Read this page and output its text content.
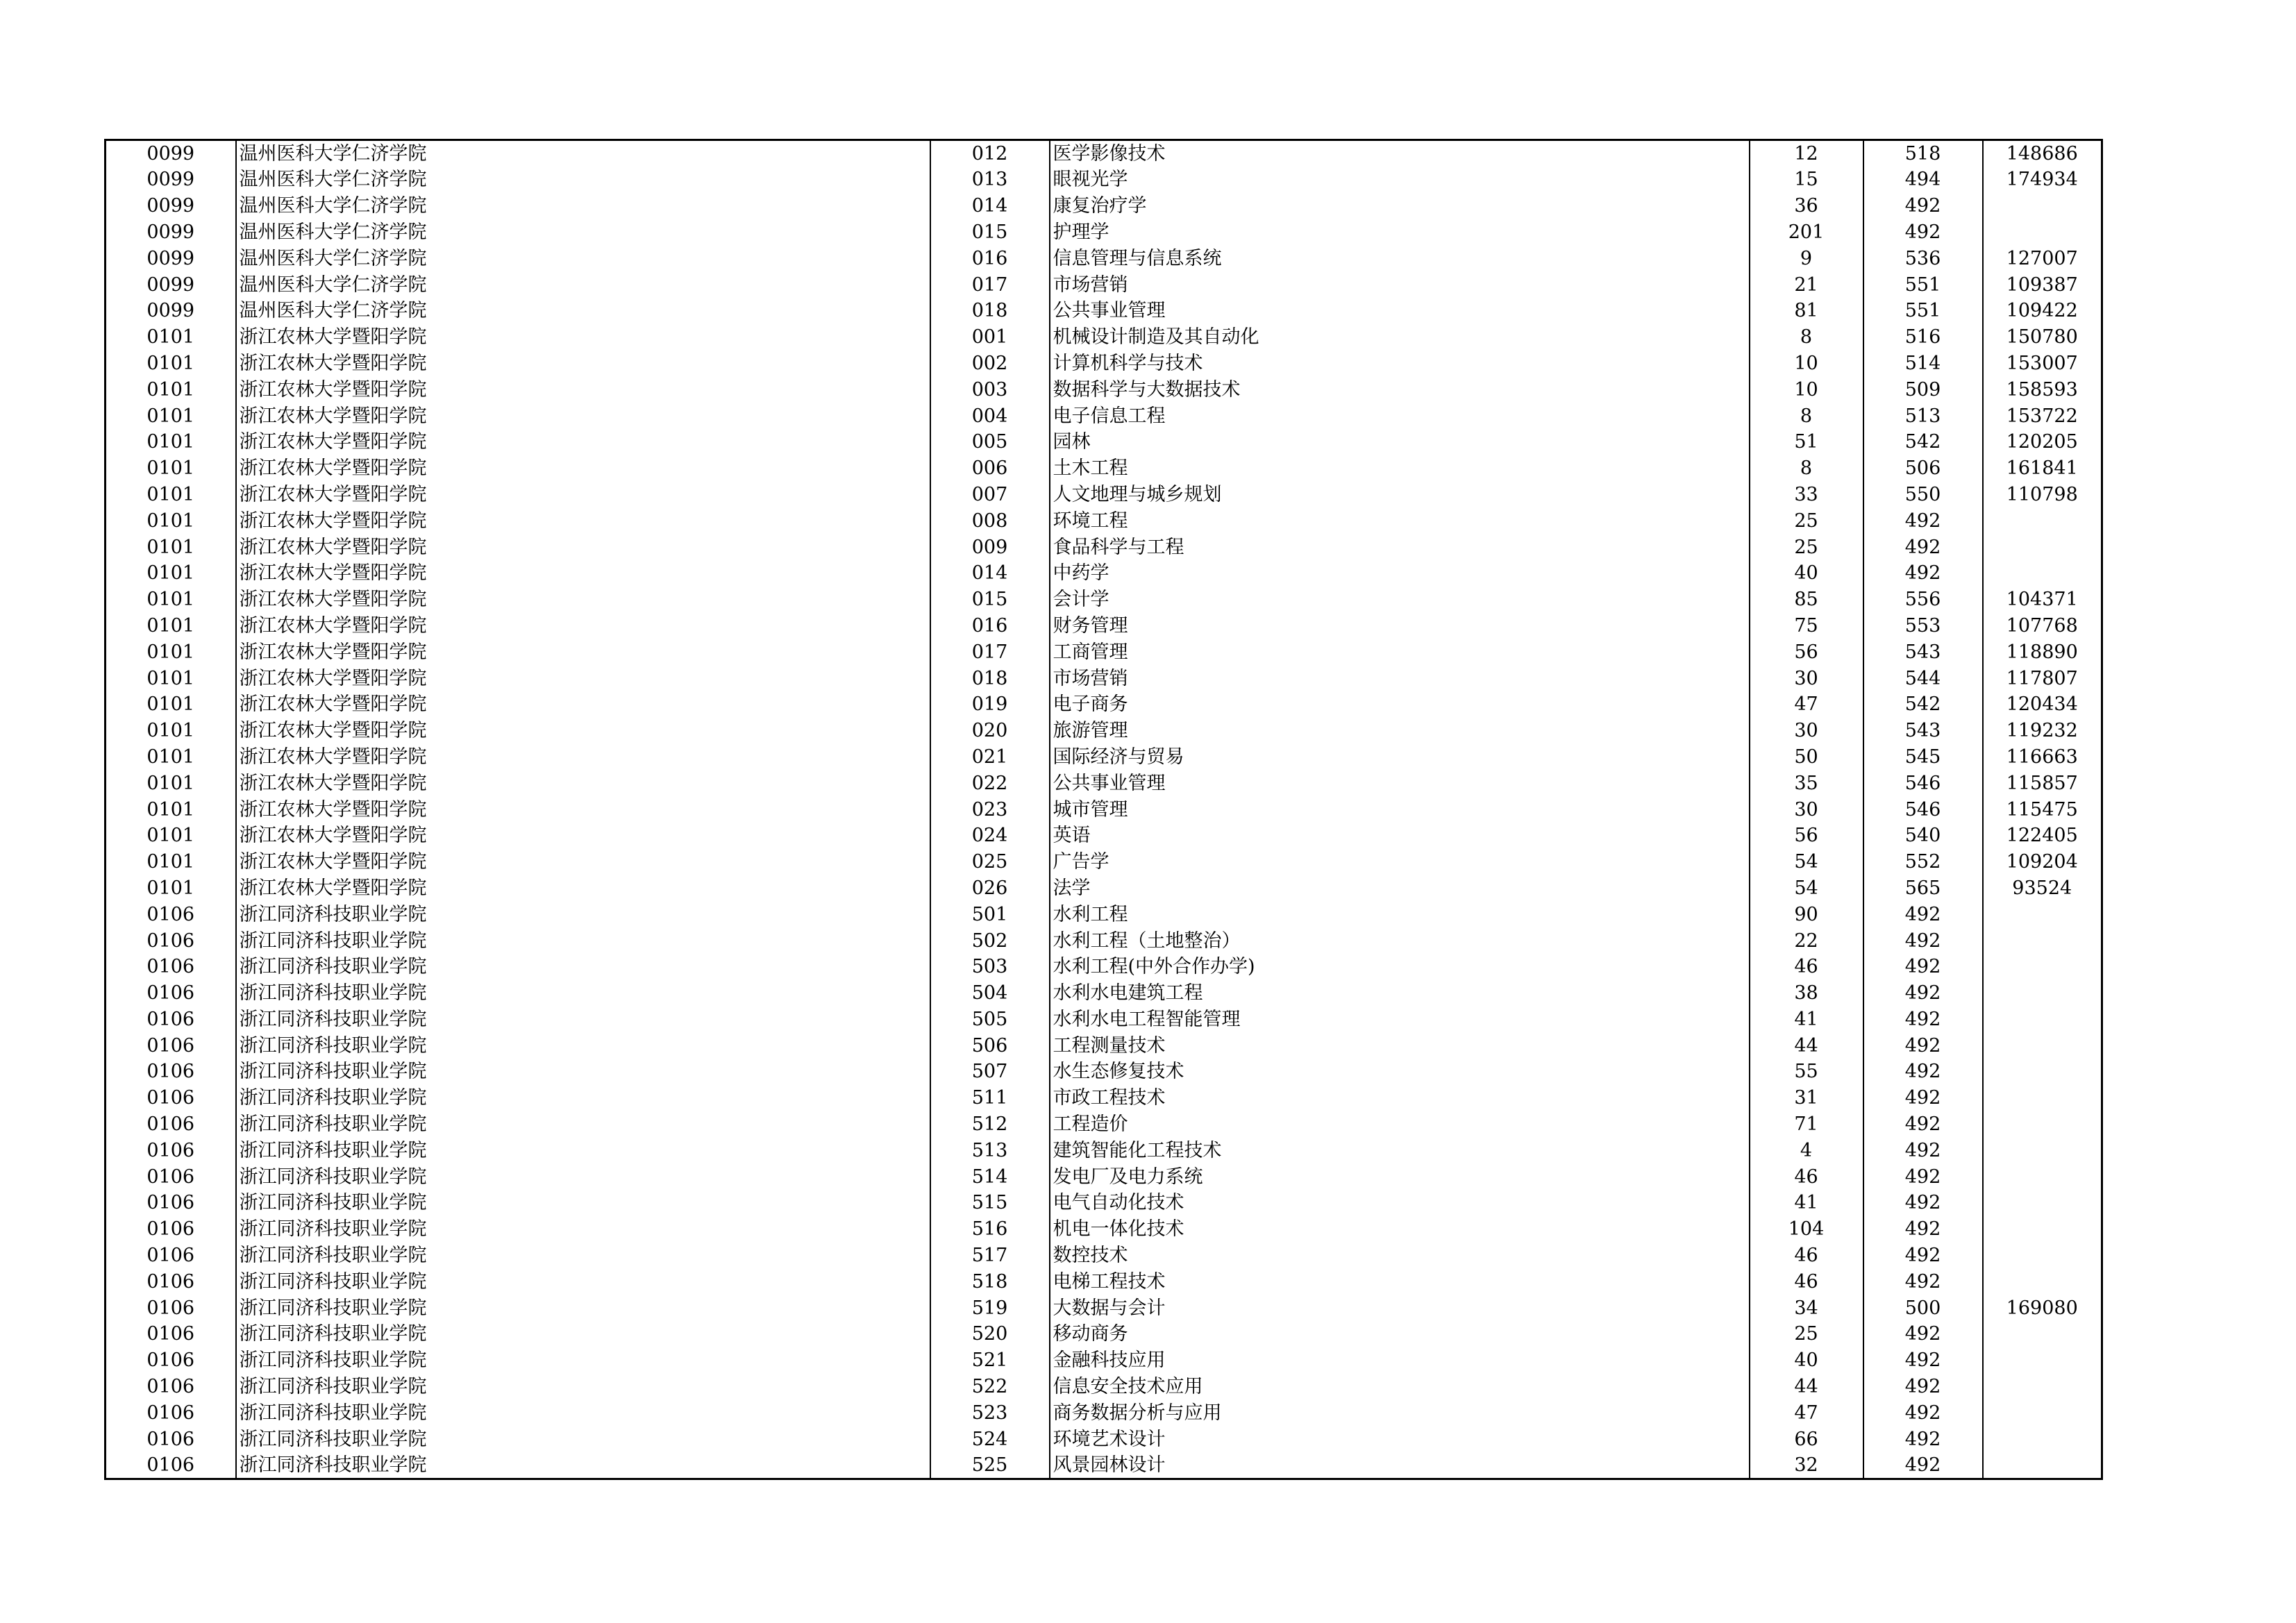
0099	温州医科大学仁济学院	012	医学影像技术	12	518	148686
0099	温州医科大学仁济学院	013	眼视光学	15	494	174934
0099	温州医科大学仁济学院	014	康复治疗学	36	492	
0099	温州医科大学仁济学院	015	护理学	201	492	
0099	温州医科大学仁济学院	016	信息管理与信息系统	9	536	127007
0099	温州医科大学仁济学院	017	市场营销	21	551	109387
0099	温州医科大学仁济学院	018	公共事业管理	81	551	109422
0101	浙江农林大学暨阳学院	001	机械设计制造及其自动化	8	516	150780
0101	浙江农林大学暨阳学院	002	计算机科学与技术	10	514	153007
0101	浙江农林大学暨阳学院	003	数据科学与大数据技术	10	509	158593
0101	浙江农林大学暨阳学院	004	电子信息工程	8	513	153722
0101	浙江农林大学暨阳学院	005	园林	51	542	120205
0101	浙江农林大学暨阳学院	006	土木工程	8	506	161841
0101	浙江农林大学暨阳学院	007	人文地理与城乡规划	33	550	110798
0101	浙江农林大学暨阳学院	008	环境工程	25	492	
0101	浙江农林大学暨阳学院	009	食品科学与工程	25	492	
0101	浙江农林大学暨阳学院	014	中药学	40	492	
0101	浙江农林大学暨阳学院	015	会计学	85	556	104371
0101	浙江农林大学暨阳学院	016	财务管理	75	553	107768
0101	浙江农林大学暨阳学院	017	工商管理	56	543	118890
0101	浙江农林大学暨阳学院	018	市场营销	30	544	117807
0101	浙江农林大学暨阳学院	019	电子商务	47	542	120434
0101	浙江农林大学暨阳学院	020	旅游管理	30	543	119232
0101	浙江农林大学暨阳学院	021	国际经济与贸易	50	545	116663
0101	浙江农林大学暨阳学院	022	公共事业管理	35	546	115857
0101	浙江农林大学暨阳学院	023	城市管理	30	546	115475
0101	浙江农林大学暨阳学院	024	英语	56	540	122405
0101	浙江农林大学暨阳学院	025	广告学	54	552	109204
0101	浙江农林大学暨阳学院	026	法学	54	565	93524
0106	浙江同济科技职业学院	501	水利工程	90	492	
0106	浙江同济科技职业学院	502	水利工程（土地整治）	22	492	
0106	浙江同济科技职业学院	503	水利工程(中外合作办学)	46	492	
0106	浙江同济科技职业学院	504	水利水电建筑工程	38	492	
0106	浙江同济科技职业学院	505	水利水电工程智能管理	41	492	
0106	浙江同济科技职业学院	506	工程测量技术	44	492	
0106	浙江同济科技职业学院	507	水生态修复技术	55	492	
0106	浙江同济科技职业学院	511	市政工程技术	31	492	
0106	浙江同济科技职业学院	512	工程造价	71	492	
0106	浙江同济科技职业学院	513	建筑智能化工程技术	4	492	
0106	浙江同济科技职业学院	514	发电厂及电力系统	46	492	
0106	浙江同济科技职业学院	515	电气自动化技术	41	492	
0106	浙江同济科技职业学院	516	机电一体化技术	104	492	
0106	浙江同济科技职业学院	517	数控技术	46	492	
0106	浙江同济科技职业学院	518	电梯工程技术	46	492	
0106	浙江同济科技职业学院	519	大数据与会计	34	500	169080
0106	浙江同济科技职业学院	520	移动商务	25	492	
0106	浙江同济科技职业学院	521	金融科技应用	40	492	
0106	浙江同济科技职业学院	522	信息安全技术应用	44	492	
0106	浙江同济科技职业学院	523	商务数据分析与应用	47	492	
0106	浙江同济科技职业学院	524	环境艺术设计	66	492	
0106	浙江同济科技职业学院	525	风景园林设计	32	492	
